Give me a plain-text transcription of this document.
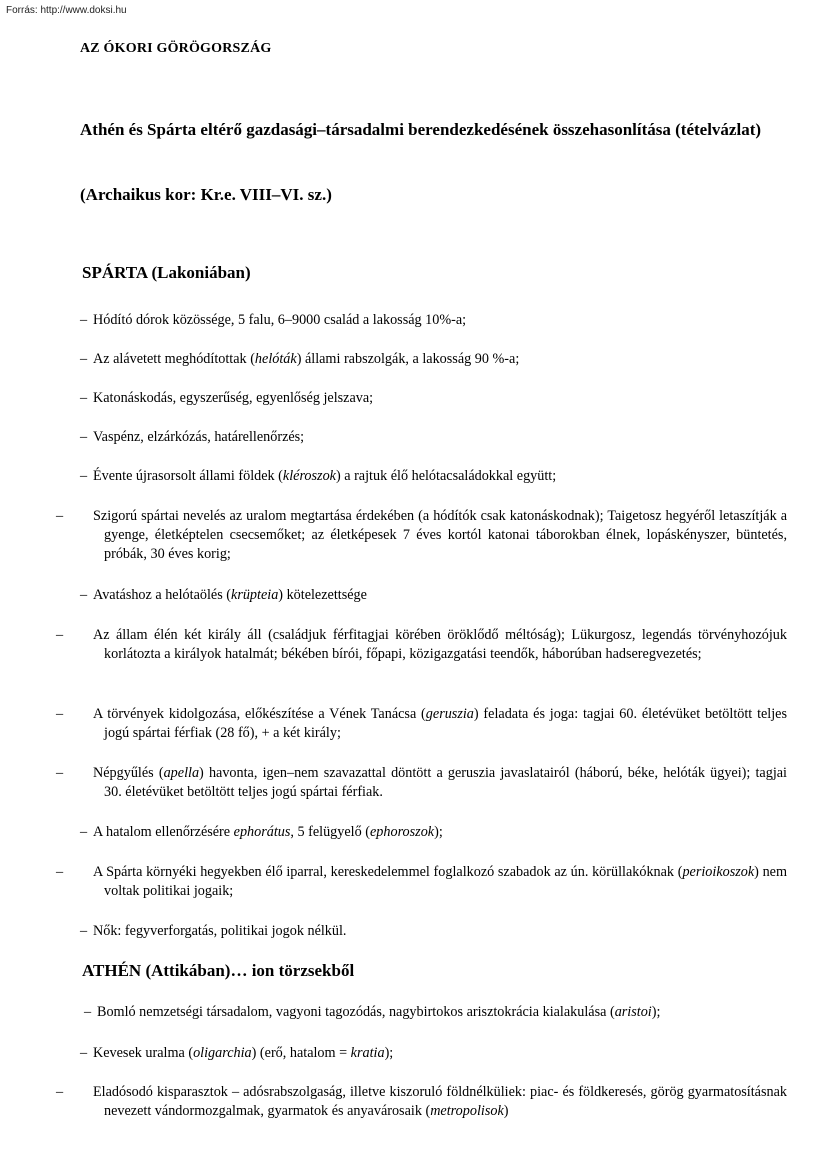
Forrás: http://www.doksi.hu
AZ ÓKORI GÖRÖGORSZÁG
Athén és Spárta eltérő gazdasági–társadalmi berendezkedésének összehasonlítása (tételvázlat)
(Archaikus kor: Kr.e. VIII–VI. sz.)
SPÁRTA (Lakoniában)
– Hódító dórok közössége, 5 falu, 6–9000 család a lakosság 10%-a;
– Az alávetett meghódítottak (helóták) állami rabszolgák, a lakosság 90 %-a;
– Katonáskodás, egyszerűség, egyenlőség jelszava;
– Vaspénz, elzárkózás, határellenőrzés;
– Évente újrasorsolt állami földek (kléroszok) a rajtuk élő helótacsaládokkal együtt;
– Szigorú spártai nevelés az uralom megtartása érdekében (a hódítók csak katonáskodnak); Taigetosz hegyéről letaszítják a gyenge, életképtelen csecsemőket; az életképesek 7 éves kortól katonai táborokban élnek, lopáskényszer, büntetés, próbák, 30 éves korig;
– Avatáshoz a helótaölés (krüpteia) kötelezettsége
– Az állam élén két király áll (családjuk férfitagjai körében öröklődő méltóság); Lükurgosz, legendás törvényhozójuk korlátozta a királyok hatalmát; békében bírói, főpapi, közigazgatási teendők, háborúban hadseregvezetés;
– A törvények kidolgozása, előkészítése a Vének Tanácsa (geruszia) feladata és joga: tagjai 60. életévüket betöltött teljes jogú spártai férfiak (28 fő), + a két király;
– Népgyűlés (apella) havonta, igen–nem szavazattal döntött a geruszia javaslatairól (háború, béke, helóták ügyei); tagjai 30. életévüket betöltött teljes jogú spártai férfiak.
– A hatalom ellenőrzésére ephorátus, 5 felügyelő (ephoroszok);
– A Spárta környéki hegyekben élő iparral, kereskedelemmel foglalkozó szabadok az ún. körüllakóknak (perioikoszok) nem voltak politikai jogaik;
– Nők: fegyverforgatás, politikai jogok nélkül.
ATHÉN (Attikában)… ion törzsekből
– Bomló nemzetségi társadalom, vagyoni tagozódás, nagybirtokos arisztokrácia kialakulása (aristoi);
– Kevesek uralma (oligarchia) (erő, hatalom = kratia);
– Eladósodó kisparasztok – adósrabszolgaság, illetve kiszoruló földnélküliek: piac- és földkeresés, görög gyarmatosításnak nevezett vándormozgalmak, gyarmatok és anyavárosaik (metropolisok)
